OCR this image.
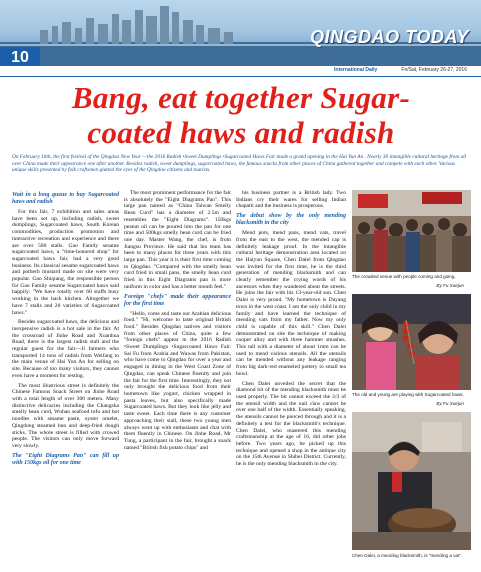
10
QINGDAO TODAY
International Daily	Fri/Sat, February 26-27, 2016
Bang, eat together Sugar-coated haws and radish
On February 16th, the first festival of the Qingdao New Year —the 2016 Radish •Sweet Dumplings •Sugarcoated Haws Fair made a grand opening in the Hai Yun An . Nearly 30 intangible cultural heritage from all over China made their appearance one after another. Besides radish, sweet dumplings, sugarcoated haws, the famous snacks from other places of China gathered together and compete with each other. Various unique skills presented by folk craftsmen glutted the eyes of the Qingdao citizens and tourists.
Wait in a long queue to buy Sugarcoated haws and radish

For this fair, 7 exhibition and sales areas have been set up, including radish, sweet dumplings, Sugarcoated haws, South Korean commodities, production promotion and interactive recreation and experience and there are over 500 stalls. Gao Family sesame sugarcoated haws, a "time-honored shop" for sugarcoated haws fair, had a very good business. Its classical sesame sugarcoated haws and potherb mustard made on site were very popular. Gao Shiqiang, the responsible person for Gao Family sesame Sugarcoated haws said happily: "We have totally over 60 staffs busy working in the back kitchen. Altogether we have 7 stalls and 20 varieties of Sugarcoated haws."

Besides sugarcoated haws, the delicious and inexpensive radish is a hot sale in the fair. At the crossroad of Jinhe Road and Xuanhua Road, there is the largest radish stall and the regular guest for the fair—Ji farmers who transported 14 tons of radish from Weifang to the main venue of Hai Yun An for selling on site. Because of too many visitors, they cannot even have a moment for resting.

The most illustrious street is definitely the Chinese Famous Snack Street on Jinhe Road with a total length of over 300 meters. Many distinctive delicacies including the Changsha smelly bean curd, Wuhan seafood tofu and hot noodles with sesame paste, oyster omelet, Qingdong steamed bun and deep-fried dough sticks. The whole street is filled with crowed people. The visitors can only move forward very slowly.

The "Eight Diagrams Pan" can fill up with 150kgs oil for one time

The most prominent performance for the fair is absolutely the "Eight Diagrams Pan". This large pan named as "China Taiwan Smelly Bean Curd" has a diameter of 2.5m and resembles the "Eight Diagrams". 150kgs peanut oil can be poured into the pan for one time and 500kgs smelly bean curd can be fried one day. Master Wang, the chef, is from Jiangsu Province. He said that his team has been to many places for three years with this large pan. This year it is their first time coming to Qingdao. "Compared with the smelly bean curd fried in small pans, the smelly bean curd fried in this Eight Diagrams pan is more uniform in color and has a better mouth feel."

Foreign "chefs" made their appearance for the first time

"Hello, come and taste our Arabian delicious food." "Hi, welcome to taste original British food." Besides Qingdao natives and visitors from other places of China, quite a few "foreign chefs" appear in the 2016 Radish •Sweet Dumplings •Sugarcoated Haws Fair. Sai Fu from Arabia and Wawas from Pakistan, who have come to Qingdao for over a year and engaged in dining in the West Coast Zone of Qingdao, can speak Chinese fluently and join the fair for the first time. Interestingly, they not only brought the delicious food from their hometown like yogurt, chicken wrapped in pasta leaves, but also specifically made Sugarcoated haws. But they look like jelly and taste sweet. Each time there is any customer approaching their stall, these two young men always went up with enthusiasm and chat with them fluently in Chinese. On Jinhe Road, Mr Tung, a participant in the fair, brought a snack named "British fish potato chips" and

his business partner is a British lady. Two Indians cry their wares for selling Indian chapatti and the business is prosperous.

The debut show by the only mending blacksmith in the city

Mend pots, mend pans, mend vats, travel from the east to the west, the mended cap is definitely leakage proof. In the intangible cultural heritage demonstration area located on the Haiyun Square, Chen Dalei from Qingdao was invited for the first time, he is the third generation of mending blacksmith and can clearly remember the crying words of his ancestors when they wandered about the streets. He joins the fair with his 13-year-old son. Chen Dalei is very proud. "My hometown is Dayang town in the west coast. I am the only child in my family and have learned the technique of mending vats from my father. Now my only child is capable of this skill." Chen Dalei demonstrated on site the technique of making cooper alloy and with three hammer smashes. This tall with a diameter of about 1mm can be used to mend various utensils. All the utensils can be mended without any leakage ranging from big dark-red enameled pottery to small tea bowl.

Chen Dalei unveiled the secret that the diamond bit of the mending blacksmith must be used properly. The bit cannot exceed the 2/3 of the utensil width and the nail claw cannot be over one half of the width. Essentially speaking, the utensils cannot be pierced through and it is a definitely a test for the blacksmith's technique. Chen Dalei, who mastered this mending craftsmanship at the age of 16, did other jobs before. Two years ago, he picked up this technique and opened a shop in the antique city on the 15th Avenue in Shibei District. Currently, he is the only mending blacksmith in the city.

The crowded venue with people coming and going.
By Fu Xuejun
The old and young are playing with Sugarcoated haws.
By Fu Xuejun
Chen Dalei, a mending blacksmith, is "mending a vat".
